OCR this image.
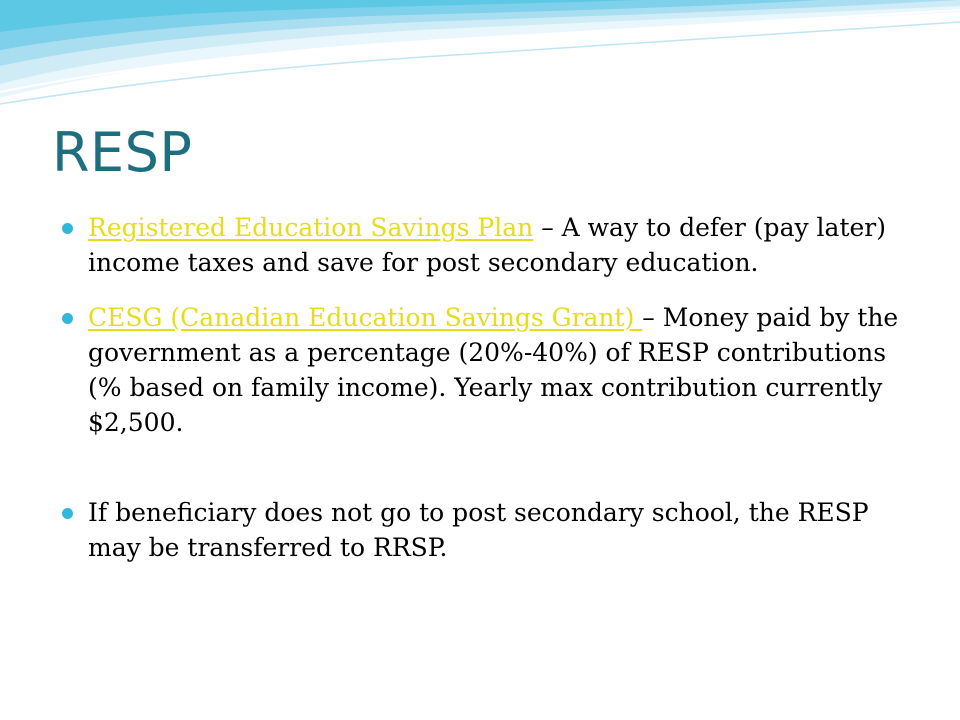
RESP
Registered Education Savings Plan – A way to defer (pay later) income taxes and save for post secondary education.
CESG (Canadian Education Savings Grant) – Money paid by the government as a percentage (20%-40%) of RESP contributions (% based on family income). Yearly max contribution currently $2,500.
If beneficiary does not go to post secondary school, the RESP may be transferred to RRSP.
